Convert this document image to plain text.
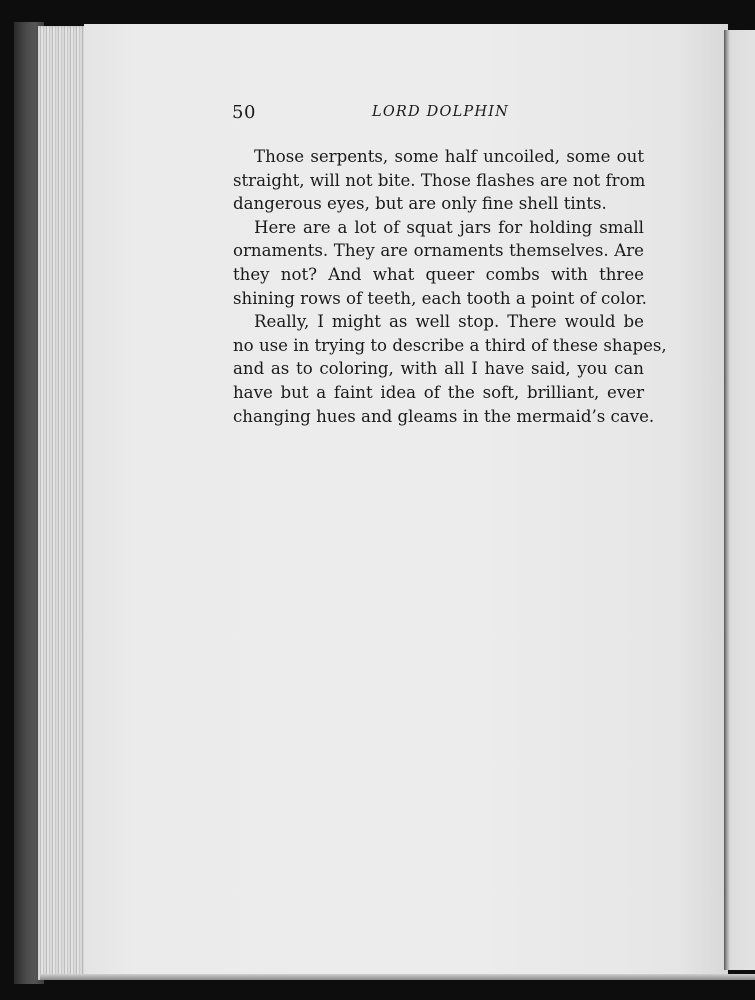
50	LORD DOLPHIN

Those serpents, some half uncoiled, some out
straight, will not bite. Those flashes are not from
dangerous eyes, but are only fine shell tints.

Here are a lot of squat jars for holding small
ornaments. They are ornaments themselves. Are
they not? And what queer combs with three
shining rows of teeth, each tooth a point of color.

Really, I might as well stop. There would be
no use in trying to describe a third of these shapes,
and as to coloring, with all I have said, you can
have but a faint idea of the soft, brilliant, ever
changing hues and gleams in the mermaid’s cave.
